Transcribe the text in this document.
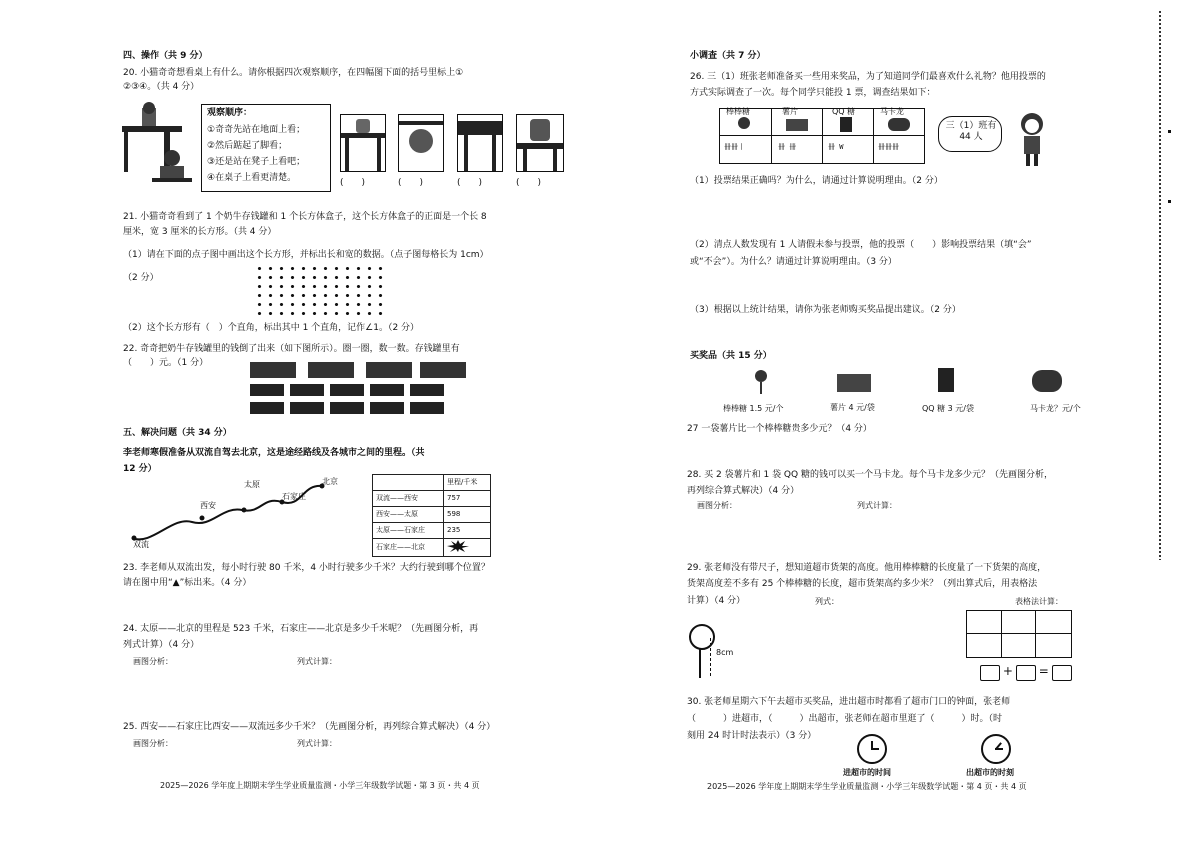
四、操作（共 9 分）
20. 小猫奇奇想看桌上有什么。请你根据四次观察顺序，在四幅图下面的括号里标上①
②③④。（共 4 分）
观察顺序：
①奇奇先站在地面上看；
②然后踮起了脚看；
③还是站在凳子上看吧；
④在桌子上看更清楚。	(　　)	(　　)	(　　)	(　　)
21. 小猫奇奇看到了 1 个奶牛存钱罐和 1 个长方体盒子，这个长方体盒子的正面是一个长 8
厘米，宽 3 厘米的长方形。（共 4 分）
（1）请在下面的点子图中画出这个长方形，并标出长和宽的数据。（点子图每格长为 1cm）
（2 分）
（2）这个长方形有（　）个直角，标出其中 1 个直角，记作∠1。（2 分）
22. 奇奇把奶牛存钱罐里的钱倒了出来（如下图所示）。圈一圈，数一数。存钱罐里有
（　　）元。（1 分）
五、解决问题（共 34 分）
李老师寒假准备从双流自驾去北京，这是途经路线及各城市之间的里程。（共
12 分）
北京
石家庄
太原
西安
双流
	里程/千米
双流——西安	757
西安——太原	598
太原——石家庄	235
石家庄——北京	
23. 李老师从双流出发，每小时行驶 80 千米，4 小时行驶多少千米？大约行驶到哪个位置？
请在图中用“▲”标出来。（4 分）
24. 太原——北京的里程是 523 千米，石家庄——北京是多少千米呢？（先画图分析，再
列式计算）（4 分）
画图分析：	列式计算：
25. 西安——石家庄比西安——双流远多少千米？（先画图分析，再列综合算式解决）（4 分）
画图分析：	列式计算：
2025—2026 学年度上期期末学生学业质量监测・小学三年级数学试题・第 3 页・共 4 页
小调查（共 7 分）
26. 三（1）班张老师准备买一些用来奖品，为了知道同学们最喜欢什么礼物？他用投票的
方式实际调查了一次。每个同学只能投 1 票，调查结果如下：
棒棒糖	薯片	QQ 糖	马卡龙
卌卌丨	卌 卌	卌 W	卌卌卌
三（1）班有 44 人
（1）投票结果正确吗？为什么，请通过计算说明理由。（2 分）
（2）清点人数发现有 1 人请假未参与投票，他的投票（　　）影响投票结果（填“会”
或“不会”）。为什么？请通过计算说明理由。（3 分）
（3）根据以上统计结果，请你为张老师购买奖品提出建议。（2 分）
买奖品（共 15 分）
棒棒糖 1.5 元/个	薯片 4 元/袋	QQ 糖 3 元/袋	马卡龙？元/个
27 一袋薯片比一个棒棒糖贵多少元？（4 分）
28. 买 2 袋薯片和 1 袋 QQ 糖的钱可以买一个马卡龙。每个马卡龙多少元？（先画图分析，
再列综合算式解决）（4 分）
画图分析：	列式计算：
29. 张老师没有带尺子，想知道超市货架的高度。他用棒棒糖的长度量了一下货架的高度，
货架高度差不多有 25 个棒棒糖的长度，超市货架高约多少米？（列出算式后，用表格法
计算）（4 分）	列式：	表格法计算：
8cm
+ =
30. 张老师星期六下午去超市买奖品，进出超市时都看了超市门口的钟面，张老师
（　　　）进超市，（　　　）出超市，张老师在超市里逛了（　　　）时。（时
刻用 24 时计时法表示）（3 分）
进超市的时间	出超市的时刻
2025—2026 学年度上期期末学生学业质量监测・小学三年级数学试题・第 4 页・共 4 页
